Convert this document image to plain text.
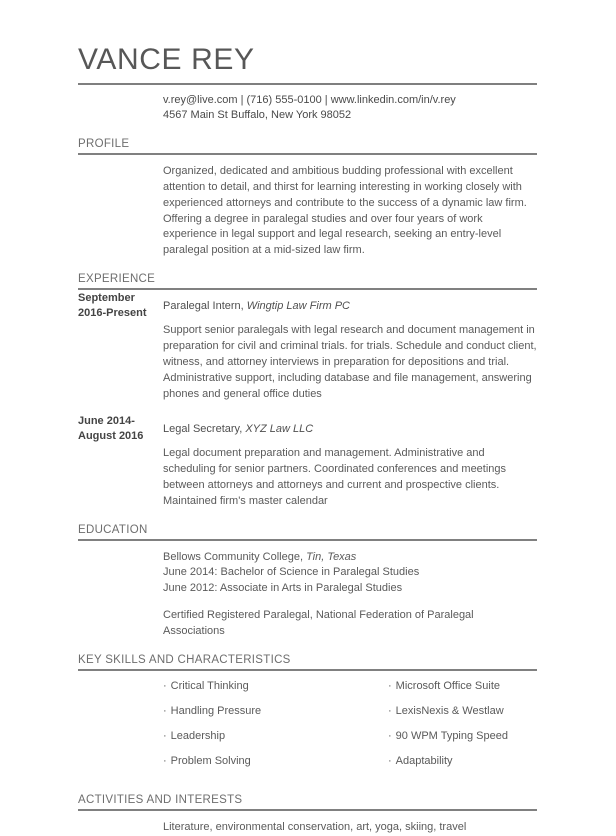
VANCE REY
v.rey@live.com | (716) 555-0100 | www.linkedin.com/in/v.rey
4567 Main St Buffalo, New York 98052
PROFILE

Organized, dedicated and ambitious budding professional with excellent attention to detail, and thirst for learning interesting in working closely with experienced attorneys and contribute to the success of a dynamic law firm. Offering a degree in paralegal studies and over four years of work experience in legal support and legal research, seeking an entry-level paralegal position at a mid-sized law firm.

EXPERIENCE
September 2016-Present
Paralegal Intern, Wingtip Law Firm PC

Support senior paralegals with legal research and document management in preparation for civil and criminal trials. for trials. Schedule and conduct client, witness, and attorney interviews in preparation for depositions and trial. Administrative support, including database and file management, answering phones and general office duties

June 2014-August 2016
Legal Secretary, XYZ Law LLC

Legal document preparation and management. Administrative and scheduling for senior partners. Coordinated conferences and meetings between attorneys and attorneys and current and prospective clients. Maintained firm's master calendar

EDUCATION
Bellows Community College, Tin, Texas
June 2014: Bachelor of Science in Paralegal Studies
June 2012: Associate in Arts in Paralegal Studies
Certified Registered Paralegal, National Federation of Paralegal Associations
KEY SKILLS AND CHARACTERISTICS
· Critical Thinking
· Handling Pressure
· Leadership
· Problem Solving
· Microsoft Office Suite
· LexisNexis & Westlaw
· 90 WPM Typing Speed
· Adaptability
ACTIVITIES AND INTERESTS
Literature, environmental conservation, art, yoga, skiing, travel
